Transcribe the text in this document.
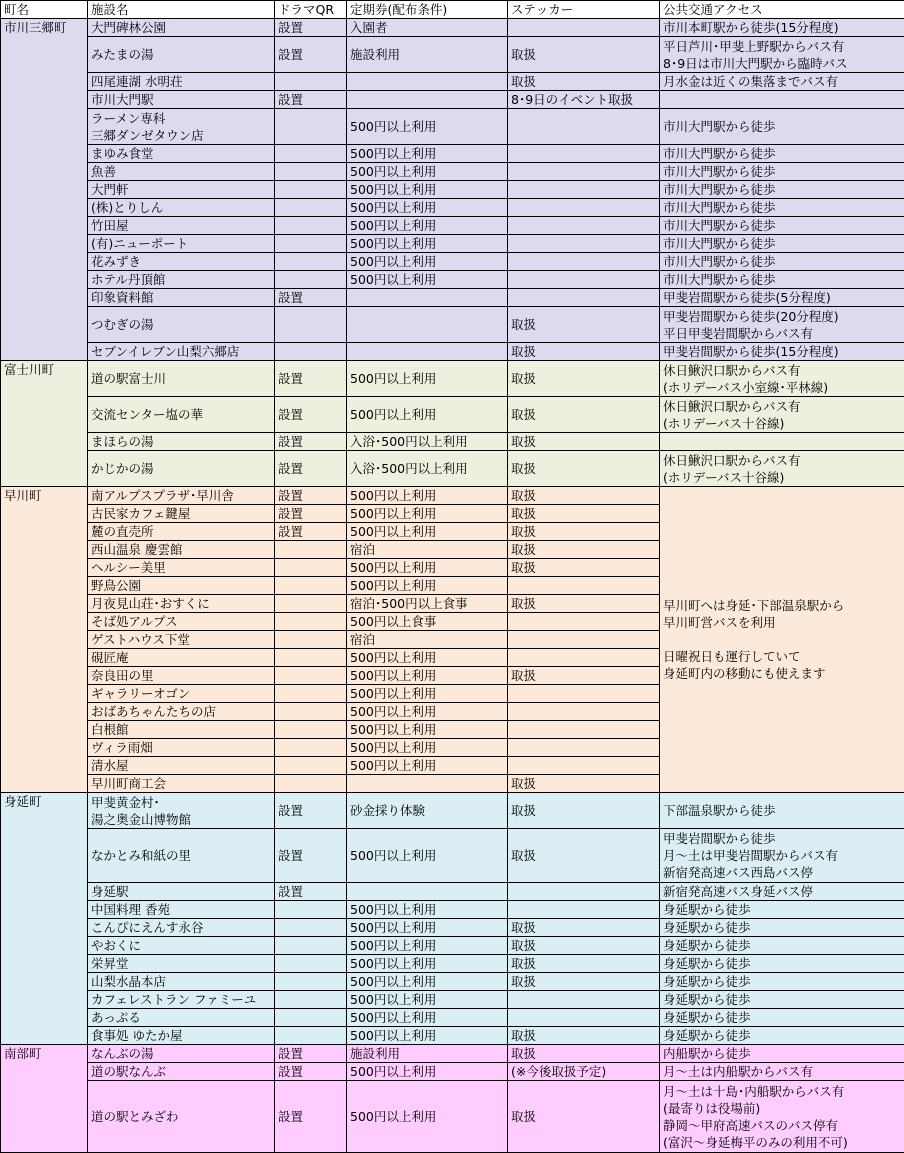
町名	施設名	ドラマQR	定期券(配布条件)	ステッカー	公共交通アクセス
市川三郷町	大門碑林公園	設置	入園者		市川本町駅から徒歩(15分程度)
	みたまの湯	設置	施設利用	取扱	平日芦川･甲斐上野駅からバス有
8･9日は市川大門駅から臨時バス
	四尾連湖 水明荘			取扱	月水金は近くの集落までバス有
	市川大門駅	設置		8･9日のイベント取扱	
	ラーメン専科
三郷ダンゼタウン店		500円以上利用		市川大門駅から徒歩
	まゆみ食堂		500円以上利用		市川大門駅から徒歩
	魚善		500円以上利用		市川大門駅から徒歩
	大門軒		500円以上利用		市川大門駅から徒歩
	(株)とりしん		500円以上利用		市川大門駅から徒歩
	竹田屋		500円以上利用		市川大門駅から徒歩
	(有)ニューポート		500円以上利用		市川大門駅から徒歩
	花みずき		500円以上利用		市川大門駅から徒歩
	ホテル丹頂館		500円以上利用		市川大門駅から徒歩
	印象資料館	設置			甲斐岩間駅から徒歩(5分程度)
	つむぎの湯			取扱	甲斐岩間駅から徒歩(20分程度)
平日甲斐岩間駅からバス有
	セブンイレブン山梨六郷店			取扱	甲斐岩間駅から徒歩(15分程度)
富士川町	道の駅富士川	設置	500円以上利用	取扱	休日鰍沢口駅からバス有
(ホリデーバス小室線･平林線)
	交流センター塩の華	設置	500円以上利用	取扱	休日鰍沢口駅からバス有
(ホリデーバス十谷線)
	まほらの湯	設置	入浴･500円以上利用	取扱	
	かじかの湯	設置	入浴･500円以上利用	取扱	休日鰍沢口駅からバス有
(ホリデーバス十谷線)
早川町	南アルプスプラザ･早川舎	設置	500円以上利用	取扱	早川町へは身延･下部温泉駅から
早川町営バスを利用

日曜祝日も運行していて
身延町内の移動にも使えます
	古民家カフェ鍵屋	設置	500円以上利用	取扱	
	麓の直売所	設置	500円以上利用	取扱	
	西山温泉 慶雲館		宿泊	取扱	
	ヘルシー美里		500円以上利用	取扱	
	野鳥公園		500円以上利用		
	月夜見山荘･おすくに		宿泊･500円以上食事	取扱	
	そば処アルプス		500円以上食事		
	ゲストハウス下堂		宿泊		
	硯匠庵		500円以上利用		
	奈良田の里		500円以上利用	取扱	
	ギャラリーオゴン		500円以上利用		
	おばあちゃんたちの店		500円以上利用		
	白根館		500円以上利用		
	ヴィラ雨畑		500円以上利用		
	清水屋		500円以上利用		
	早川町商工会			取扱	
身延町	甲斐黄金村･
湯之奥金山博物館	設置	砂金採り体験	取扱	下部温泉駅から徒歩
	なかとみ和紙の里	設置	500円以上利用	取扱	甲斐岩間駅から徒歩
月～土は甲斐岩間駅からバス有
新宿発高速バス西島バス停
	身延駅	設置			新宿発高速バス身延バス停
	中国料理 香苑		500円以上利用		身延駅から徒歩
	こんぴにえんす永谷		500円以上利用	取扱	身延駅から徒歩
	やおくに		500円以上利用	取扱	身延駅から徒歩
	栄昇堂		500円以上利用	取扱	身延駅から徒歩
	山梨水晶本店		500円以上利用	取扱	身延駅から徒歩
	カフェレストラン ファミーユ		500円以上利用		身延駅から徒歩
	あっぷる		500円以上利用		身延駅から徒歩
	食事処 ゆたか屋		500円以上利用	取扱	身延駅から徒歩
南部町	なんぶの湯	設置	施設利用	取扱	内船駅から徒歩
	道の駅なんぶ	設置	500円以上利用	(※今後取扱予定)	月～土は内船駅からバス有
	道の駅とみざわ	設置	500円以上利用	取扱	月～土は十島･内船駅からバス有
(最寄りは役場前)
静岡～甲府高速バスのバス停有
(富沢～身延梅平のみの利用不可)
